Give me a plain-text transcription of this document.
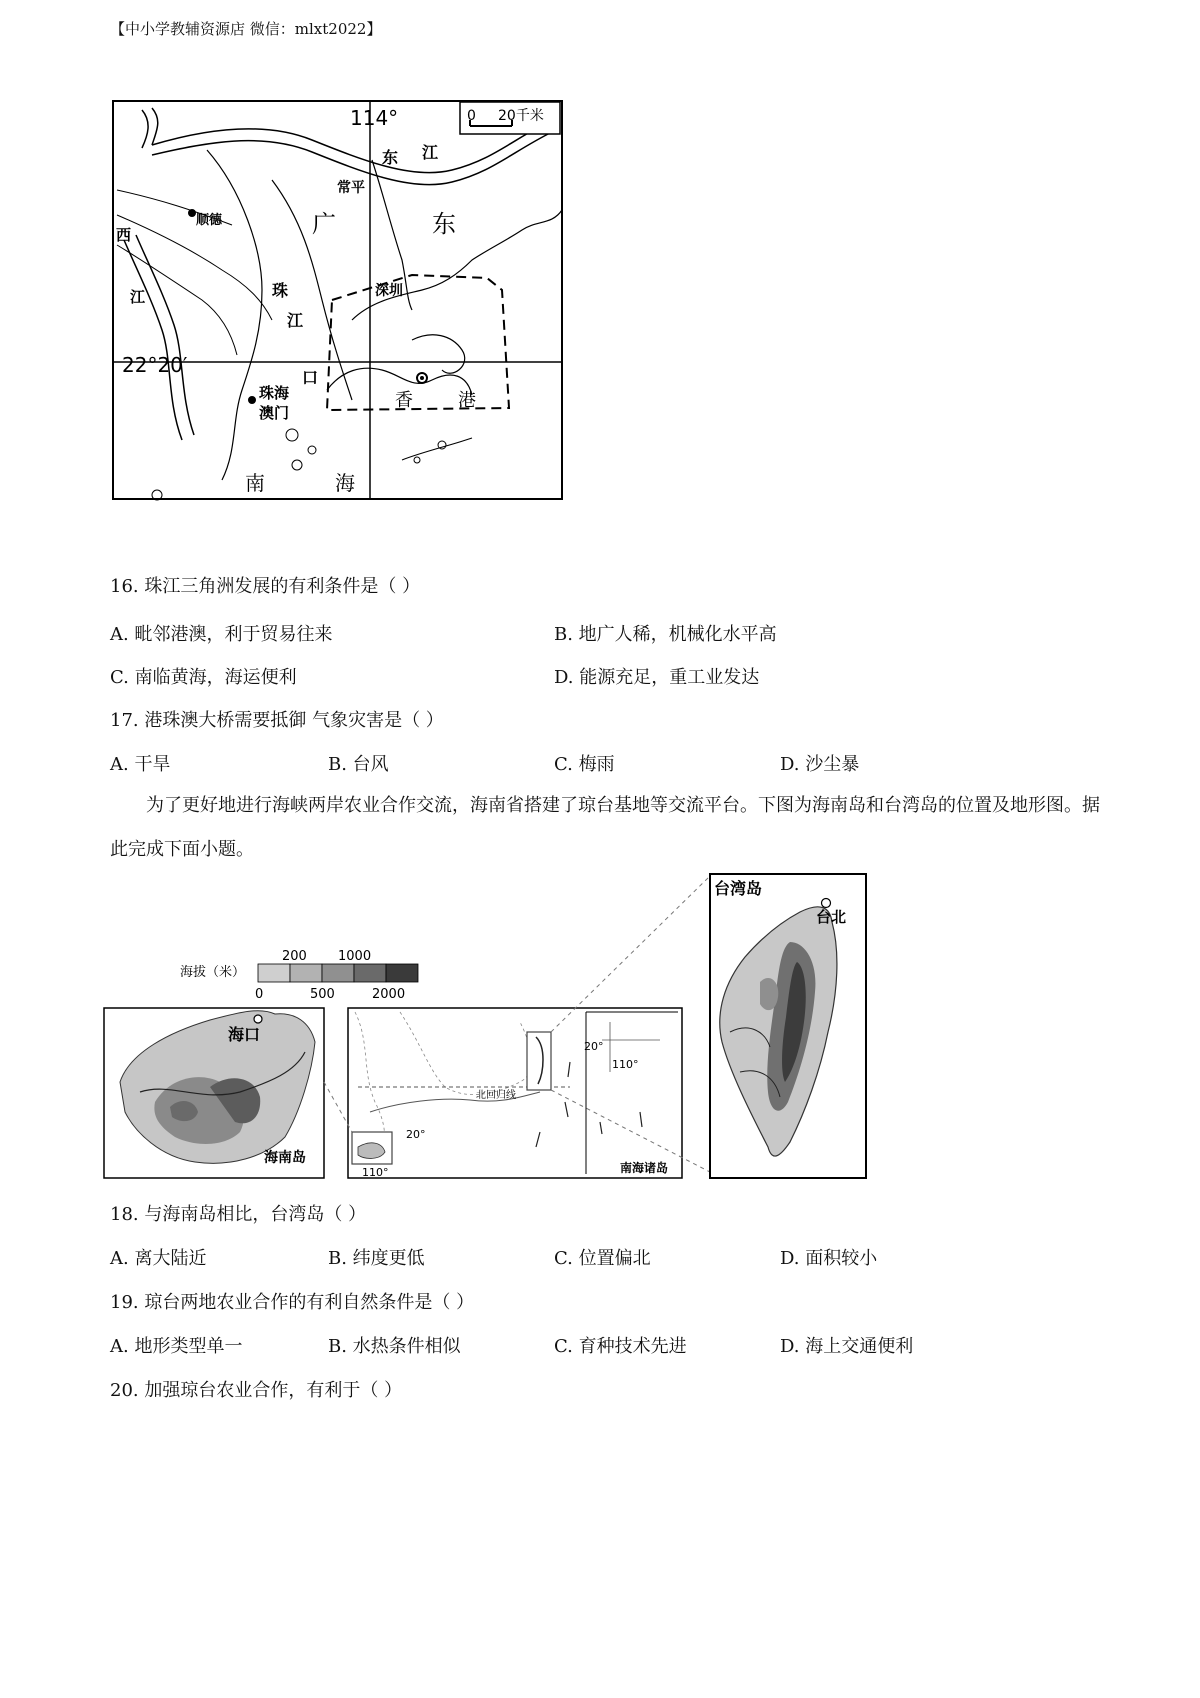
【中小学教辅资源店 微信：mlxt2022】
0 20千米
114°
22°20′
东 江
常平
广	东
顺德
西
江	珠
江
口
深圳
珠海
澳门
香	港
南	海
16. 珠江三角洲发展的有利条件是（ ）
A. 毗邻港澳，利于贸易往来	B. 地广人稀，机械化水平高
C. 南临黄海，海运便利	D. 能源充足，重工业发达
17. 港珠澳大桥需要抵御 气象灾害是（ ）
A. 干旱	B. 台风	C. 梅雨	D. 沙尘暴
为了更好地进行海峡两岸农业合作交流，海南省搭建了琼台基地等交流平台。下图为海南岛和台湾岛的位置及地形图。据此完成下面小题。
海拔（米）
200 1000
0	500	2000
海口
海南岛
北回归线
20°
110°
20°
110°
南海诸岛
台湾岛
台北
18. 与海南岛相比，台湾岛（ ）
A. 离大陆近	B. 纬度更低	C. 位置偏北	D. 面积较小
19. 琼台两地农业合作的有利自然条件是（ ）
A. 地形类型单一	B. 水热条件相似	C. 育种技术先进	D. 海上交通便利
20. 加强琼台农业合作，有利于（ ）
